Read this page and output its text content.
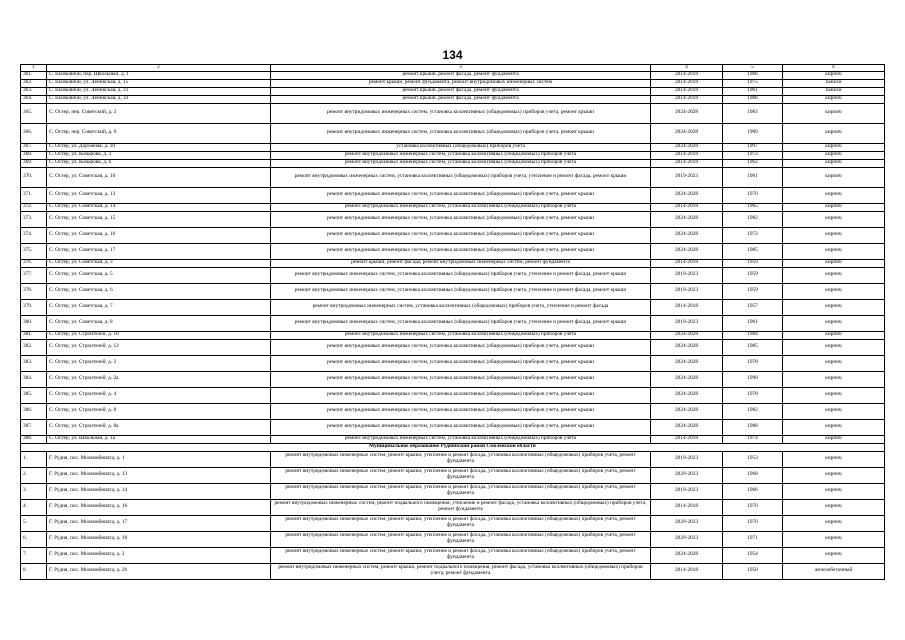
134
1	2	3	4	5	6
361.	С. Екимовичи, пер. Школьный, д. 1	ремонт крыши, ремонт фасада, ремонт фундамента	2014-2018	1966	кирпич
362.	С. Екимовичи, ул. Ленинская, д. 15	ремонт крыши, ремонт фундамента, ремонт внутридомовых инженерных систем	2014-2018	1975	панели
363.	С. Екимовичи, ул. Ленинская, д. 31	ремонт крыши, ремонт фасада, ремонт фундамента	2014-2018	1961	панели
364.	С. Екимовичи, ул. Ленинская, д. 33	ремонт крыши, ремонт фасада, ремонт фундамента	2014-2018	1966	кирпич
365.	С. Остер, пер. Советский, д. 2	ремонт внутридомовых инженерных систем, установка коллективных (общедомовых) приборов учета, ремонт крыши	2024-2028	1983	кирпич
366.	С. Остер, пер. Советский, д. 6	ремонт внутридомовых инженерных систем, установка коллективных (общедомовых) приборов учета, ремонт крыши	2024-2028	1989	кирпич
367.	С. Остер, ул. Дорожная, д. 10	установка коллективных (общедомовых) приборов учета	2024-2028	1997	кирпич
368.	С. Остер, ул. Комарова, д. 3	ремонт внутридомовых инженерных систем, установка коллективных (общедомовых) приборов учета	2014-2018	1972	кирпич
369.	С. Остер, ул. Комарова, д. 6	ремонт внутридомовых инженерных систем, установка коллективных (общедомовых) приборов учета	2014-2018	1962	кирпич
370.	С. Остер, ул. Советская, д. 10	ремонт внутридомовых инженерных систем, установка коллективных (общедомовых) приборов учета, утепление и ремонт фасада, ремонт крыши	2019-2023	1961	кирпич
371.	С. Остер, ул. Советская, д. 13	ремонт внутридомовых инженерных систем, установка коллективных (общедомовых) приборов учета, ремонт крыши	2024-2028	1970	кирпич
372.	С. Остер, ул. Советская, д. 14	ремонт внутридомовых инженерных систем, установка коллективных (общедомовых) приборов учета	2014-2018	1965	кирпич
373.	С. Остер, ул. Советская, д. 15	ремонт внутридомовых инженерных систем, установка коллективных (общедомовых) приборов учета, ремонт крыши	2024-2028	1982	кирпич
374.	С. Остер, ул. Советская, д. 16	ремонт внутридомовых инженерных систем, установка коллективных (общедомовых) приборов учета, ремонт крыши	2024-2028	1972	кирпич
375.	С. Остер, ул. Советская, д. 17	ремонт внутридомовых инженерных систем, установка коллективных (общедомовых) приборов учета, ремонт крыши	2024-2028	1985	кирпич
376.	С. Остер, ул. Советская, д. 3	ремонт крыши, ремонт фасада, ремонт внутридомовых инженерных систем, ремонт фундамента	2014-2018	1959	кирпич
377.	С. Остер, ул. Советская, д. 5	ремонт внутридомовых инженерных систем, установка коллективных (общедомовых) приборов учета, утепление и ремонт фасада, ремонт крыши	2019-2023	1959	кирпич
378.	С. Остер, ул. Советская, д. 6	ремонт внутридомовых инженерных систем, установка коллективных (общедомовых) приборов учета, утепление и ремонт фасада, ремонт крыши	2019-2023	1959	кирпич
379.	С. Остер, ул. Советская, д. 7	ремонт внутридомовых инженерных систем, установка коллективных (общедомовых) приборов учета, утепление и ремонт фасада	2014-2018	1957	кирпич
380.	С. Остер, ул. Советская, д. 8	ремонт внутридомовых инженерных систем, установка коллективных (общедомовых) приборов учета, утепление и ремонт фасада, ремонт крыши	2019-2023	1961	кирпич
381.	С. Остер, ул. Строителей, д. 10	ремонт внутридомовых инженерных систем, установка коллективных (общедомовых) приборов учета	2024-2028	1984	кирпич
382.	С. Остер, ул. Строителей, д. 12	ремонт внутридомовых инженерных систем, установка коллективных (общедомовых) приборов учета, ремонт крыши	2024-2028	1985	кирпич
383.	С. Остер, ул. Строителей, д. 2	ремонт внутридомовых инженерных систем, установка коллективных (общедомовых) приборов учета, ремонт крыши	2024-2028	1978	кирпич
384.	С. Остер, ул. Строителей, д. 2а	ремонт внутридомовых инженерных систем, установка коллективных (общедомовых) приборов учета, ремонт крыши	2024-2028	1990	кирпич
385.	С. Остер, ул. Строителей, д. 4	ремонт внутридомовых инженерных систем, установка коллективных (общедомовых) приборов учета, ремонт крыши	2024-2028	1978	кирпич
386.	С. Остер, ул. Строителей, д. 8	ремонт внутридомовых инженерных систем, установка коллективных (общедомовых) приборов учета, ремонт крыши	2024-2028	1982	кирпич
387.	С. Остер, ул. Строителей, д. 8а	ремонт внутридомовых инженерных систем, установка коллективных (общедомовых) приборов учета, ремонт крыши	2024-2028	1988	кирпич
388.	С. Остер, ул. Школьная, д. 1а	ремонт внутридомовых инженерных систем, установка коллективных (общедомовых) приборов учета	2014-2018	1974	кирпич
Муниципальное образование Руднянский район Смоленской области					
1.	Г. Рудня, пос. Молкомбината, д. 1	ремонт внутридомовых инженерных систем, ремонт крыши, утепление и ремонт фасада, установка коллективных (общедомовых) приборов учета, ремонт фундамента	2019-2023	1953	кирпич
2.	Г. Рудня, пос. Молкомбината, д. 13	ремонт внутридомовых инженерных систем, ремонт крыши, утепление и ремонт фасада, установка коллективных (общедомовых) приборов учета, ремонт фундамента	2029-2033	1968	кирпич
3.	Г. Рудня, пос. Молкомбината, д. 14	ремонт внутридомовых инженерных систем, ремонт крыши, утепление и ремонт фасада, установка коллективных (общедомовых) приборов учета, ремонт фундамента	2019-2023	1966	кирпич
4.	Г. Рудня, пос. Молкомбината, д. 16	ремонт внутридомовых инженерных систем, ремонт подвального помещения, утепление и ремонт фасада, установка коллективных (общедомовых) приборов учета, ремонт фундамента	2014-2018	1970	кирпич
5.	Г. Рудня, пос. Молкомбината, д. 17	ремонт внутридомовых инженерных систем, ремонт крыши, утепление и ремонт фасада, установка коллективных (общедомовых) приборов учета, ремонт фундамента	2029-2033	1970	кирпич
6.	Г. Рудня, пос. Молкомбината, д. 18	ремонт внутридомовых инженерных систем, ремонт крыши, утепление и ремонт фасада, установка коллективных (общедомовых) приборов учета, ремонт фундамента	2029-2033	1971	кирпич
7.	Г. Рудня, пос. Молкомбината, д. 2	ремонт внутридомовых инженерных систем, ремонт крыши, утепление и ремонт фасада, установка коллективных (общедомовых) приборов учета, ремонт фундамента	2024-2028	1954	кирпич
8.	Г. Рудня, пос. Молкомбината, д. 26	ремонт внутридомовых инженерных систем, ремонт крыши, ремонт подвального помещения, ремонт фасада, установка коллективных (общедомовых) приборов учета, ремонт фундамента	2014-2018	1950	железобетонный
